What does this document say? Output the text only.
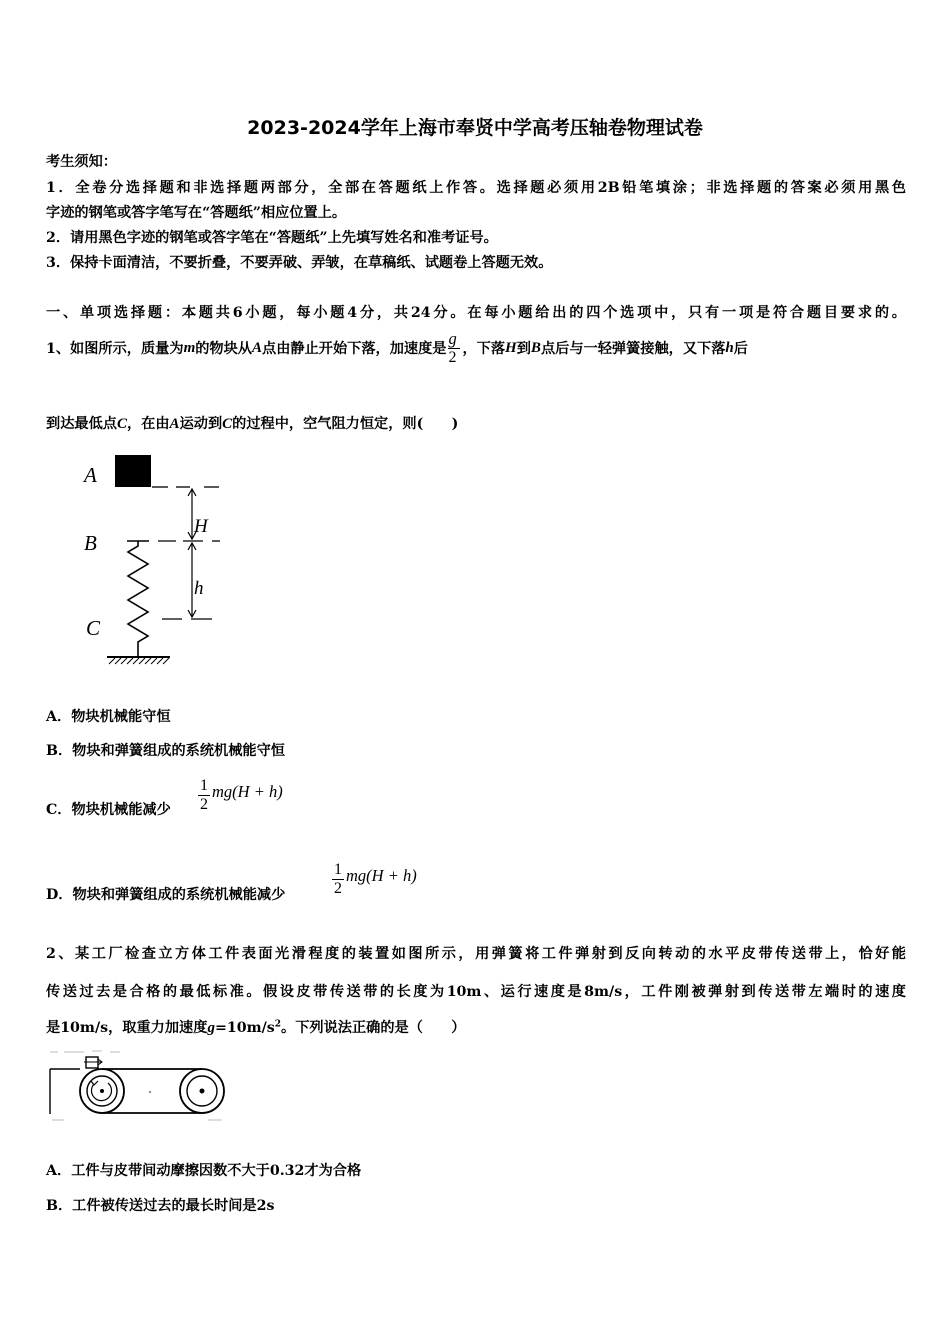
2023-2024学年上海市奉贤中学高考压轴卷物理试卷
考生须知：
1．全卷分选择题和非选择题两部分，全部在答题纸上作答。选择题必须用2B铅笔填涂；非选择题的答案必须用黑色
字迹的钢笔或答字笔写在“答题纸”相应位置上。
2．请用黑色字迹的钢笔或答字笔在“答题纸”上先填写姓名和准考证号。
3．保持卡面清洁，不要折叠，不要弄破、弄皱，在草稿纸、试题卷上答题无效。
一、单项选择题：本题共6小题，每小题4分，共24分。在每小题给出的四个选项中，只有一项是符合题目要求的。
1、如图所示，质量为 m 的物块从 A 点由静止开始下落，加速度是 $\frac{g}{2}$ ，下落 H 到 B 点后与一轻弹簧接触，又下落 h 后
到达最低点C，在由A运动到C的过程中，空气阻力恒定，则(　　)
A
B
C
H
h
A．物块机械能守恒
B．物块和弹簧组成的系统机械能守恒
C．物块机械能减少 $\frac{1}{2} mg(H + h)$
D．物块和弹簧组成的系统机械能减少	$\frac{1}{2} mg(H + h)$
2、某工厂检查立方体工件表面光滑程度的装置如图所示，用弹簧将工件弹射到反向转动的水平皮带传送带上，恰好能
传送过去是合格的最低标准。假设皮带传送带的长度为10m、运行速度是8m/s，工件刚被弹射到传送带左端时的速度
是10m/s，取重力加速度$g=10m/s^2$。下列说法正确的是（　　）
A．工件与皮带间动摩擦因数不大于0.32才为合格
B．工件被传送过去的最长时间是2s
